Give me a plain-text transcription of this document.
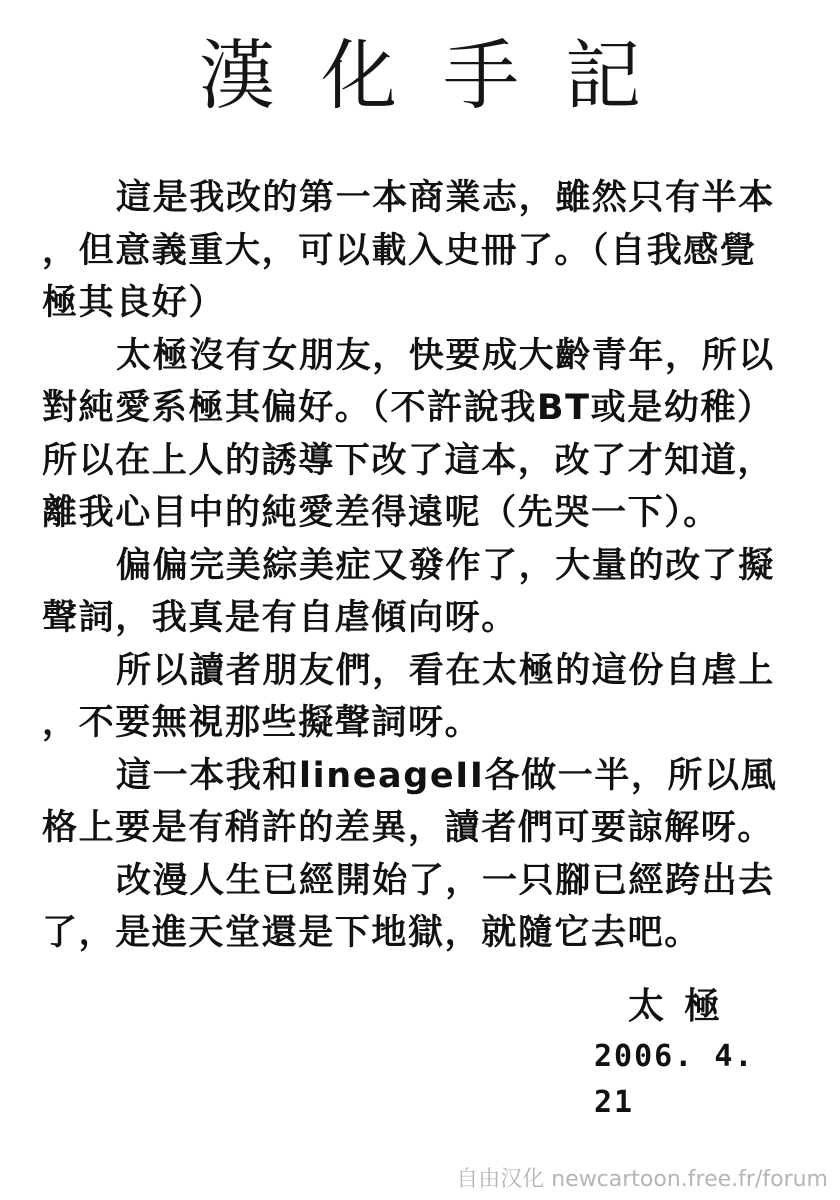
漢化手記
這是我改的第一本商業志，雖然只有半本
，但意義重大，可以載入史冊了。（自我感覺
極其良好）
太極沒有女朋友，快要成大齡青年，所以
對純愛系極其偏好。（不許說我BT或是幼稚）
所以在上人的誘導下改了這本，改了才知道，
離我心目中的純愛差得遠呢（先哭一下）。
偏偏完美綜美症又發作了，大量的改了擬
聲詞，我真是有自虐傾向呀。
所以讀者朋友們，看在太極的這份自虐上
，不要無視那些擬聲詞呀。
這一本我和lineageII各做一半，所以風
格上要是有稍許的差異，讀者們可要諒解呀。
改漫人生已經開始了，一只腳已經跨出去
了，是進天堂還是下地獄，就隨它去吧。
太極
2006. 4. 21
自由汉化 newcartoon.free.fr/forum
